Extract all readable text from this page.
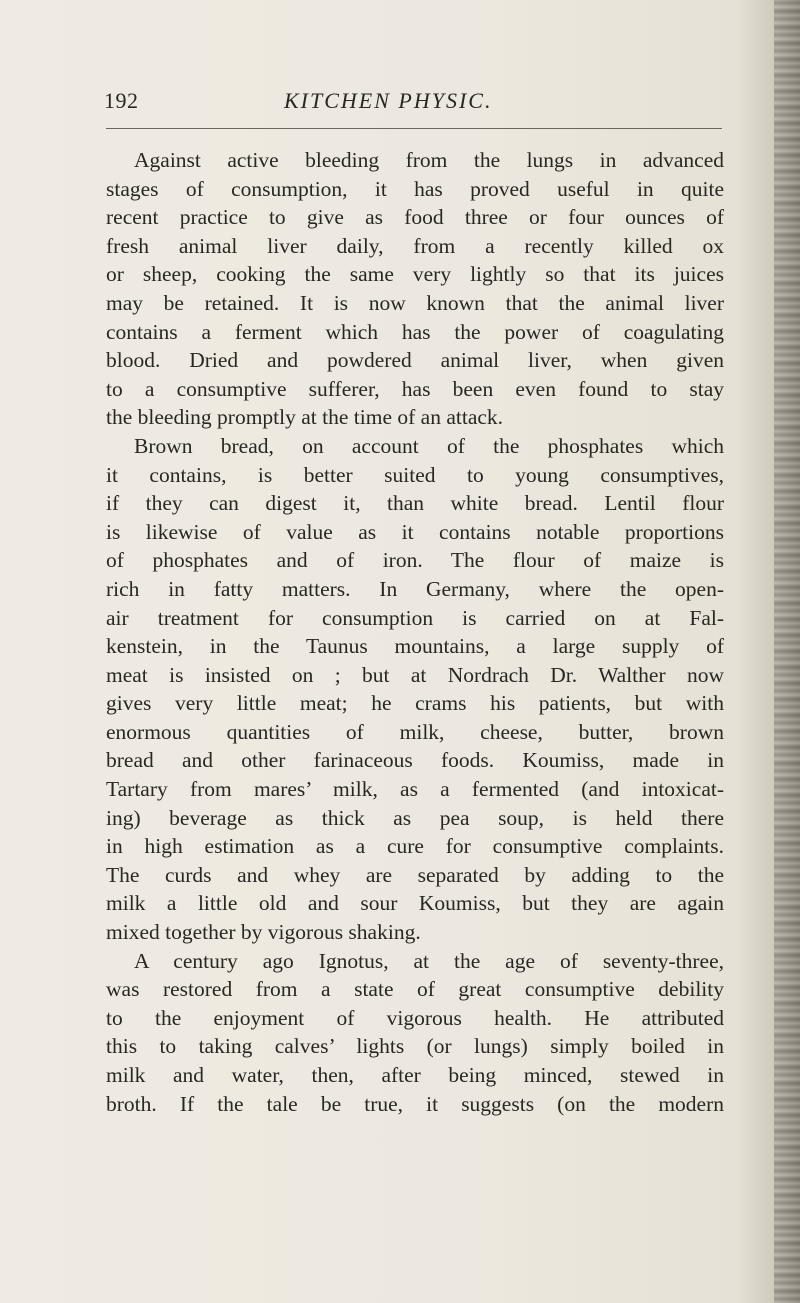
192	KITCHEN PHYSIC.
Against active bleeding from the lungs in advanced
stages of consumption, it has proved useful in quite
recent practice to give as food three or four ounces of
fresh animal liver daily, from a recently killed ox
or sheep, cooking the same very lightly so that its juices
may be retained. It is now known that the animal liver
contains a ferment which has the power of coagulating
blood. Dried and powdered animal liver, when given
to a consumptive sufferer, has been even found to stay
the bleeding promptly at the time of an attack.
Brown bread, on account of the phosphates which
it contains, is better suited to young consumptives,
if they can digest it, than white bread. Lentil flour
is likewise of value as it contains notable proportions
of phosphates and of iron. The flour of maize is
rich in fatty matters. In Germany, where the open-
air treatment for consumption is carried on at Fal-
kenstein, in the Taunus mountains, a large supply of
meat is insisted on ; but at Nordrach Dr. Walther now
gives very little meat; he crams his patients, but with
enormous quantities of milk, cheese, butter, brown
bread and other farinaceous foods. Koumiss, made in
Tartary from mares’ milk, as a fermented (and intoxicat-
ing) beverage as thick as pea soup, is held there
in high estimation as a cure for consumptive complaints.
The curds and whey are separated by adding to the
milk a little old and sour Koumiss, but they are again
mixed together by vigorous shaking.
A century ago Ignotus, at the age of seventy-three,
was restored from a state of great consumptive debility
to the enjoyment of vigorous health. He attributed
this to taking calves’ lights (or lungs) simply boiled in
milk and water, then, after being minced, stewed in
broth. If the tale be true, it suggests (on the modern
